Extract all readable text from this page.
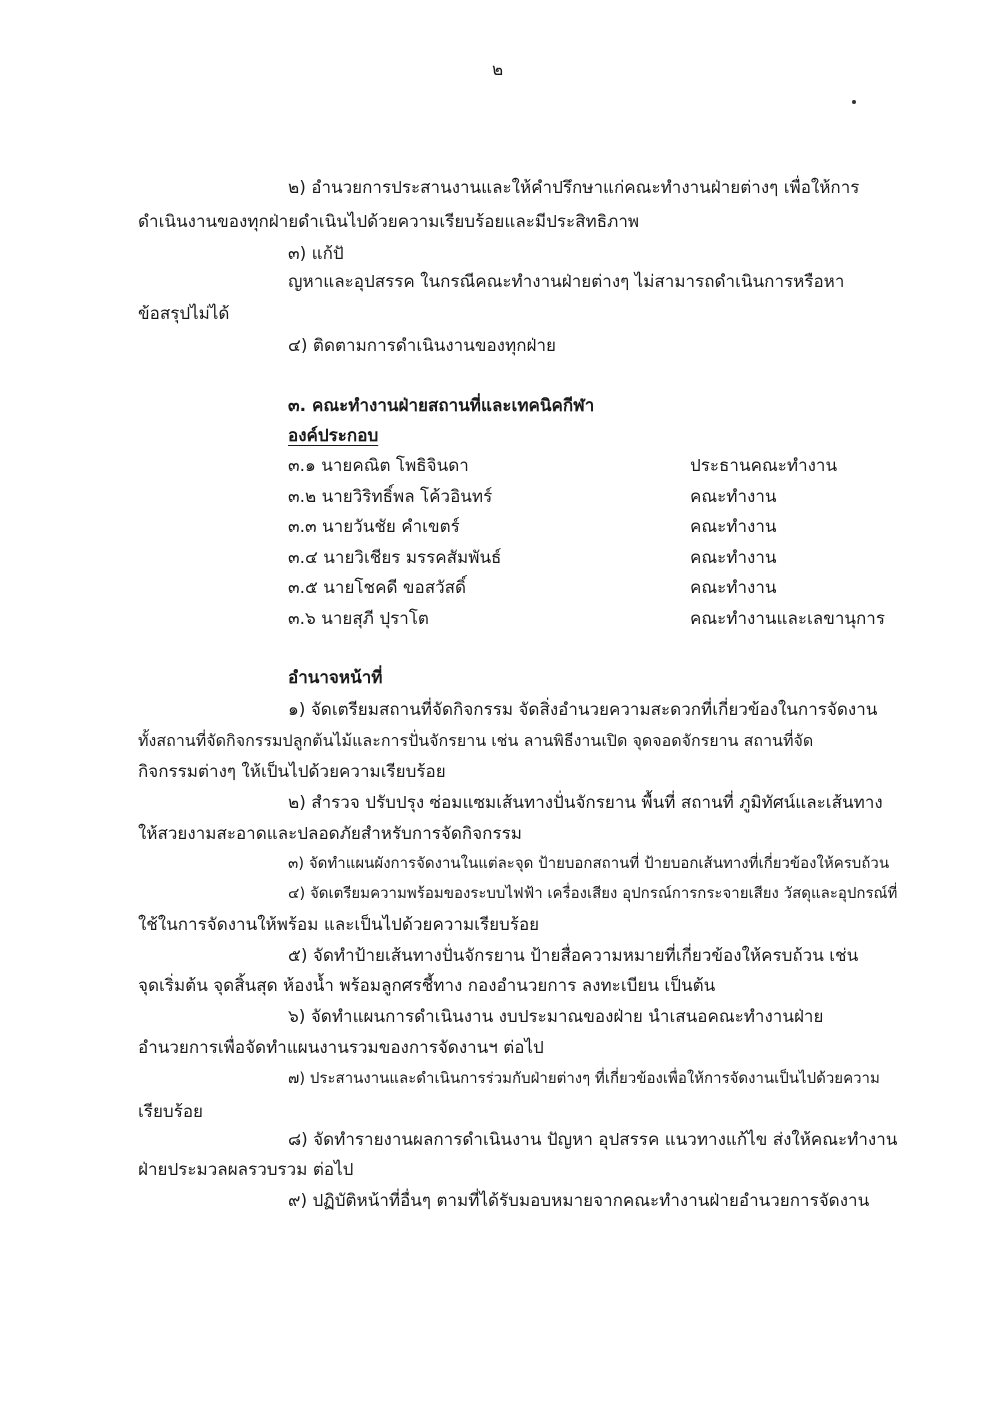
๒
๒) อำนวยการประสานงานและให้คำปรึกษาแก่คณะทำงานฝ่ายต่างๆ เพื่อให้การ
ดำเนินงานของทุกฝ่ายดำเนินไปด้วยความเรียบร้อยและมีประสิทธิภาพ
๓) แก้ปั
ญหาและอุปสรรค ในกรณีคณะทำงานฝ่ายต่างๆ ไม่สามารถดำเนินการหรือหา
ข้อสรุปไม่ได้
๔) ติดตามการดำเนินงานของทุกฝ่าย
๓. คณะทำงานฝ่ายสถานที่และเทคนิคกีฬา
องค์ประกอบ
๓.๑ นายคณิต โพธิจินดา	ประธานคณะทำงาน
๓.๒ นายวิริทธิ์พล โค้วอินทร์	คณะทำงาน
๓.๓ นายวันชัย คำเขตร์	คณะทำงาน
๓.๔ นายวิเชียร มรรคสัมพันธ์	คณะทำงาน
๓.๕ นายโชคดี ขอสวัสดิ์	คณะทำงาน
๓.๖ นายสุภี ปุราโต	คณะทำงานและเลขานุการ
อำนาจหน้าที่
๑) จัดเตรียมสถานที่จัดกิจกรรม จัดสิ่งอำนวยความสะดวกที่เกี่ยวข้องในการจัดงาน
ทั้งสถานที่จัดกิจกรรมปลูกต้นไม้และการปั่นจักรยาน เช่น ลานพิธีงานเปิด จุดจอดจักรยาน สถานที่จัด
กิจกรรมต่างๆ ให้เป็นไปด้วยความเรียบร้อย
๒) สำรวจ ปรับปรุง ซ่อมแซมเส้นทางปั่นจักรยาน พื้นที่ สถานที่ ภูมิทัศน์และเส้นทาง
ให้สวยงามสะอาดและปลอดภัยสำหรับการจัดกิจกรรม
๓) จัดทำแผนผังการจัดงานในแต่ละจุด ป้ายบอกสถานที่ ป้ายบอกเส้นทางที่เกี่ยวข้องให้ครบถ้วน
๔) จัดเตรียมความพร้อมของระบบไฟฟ้า เครื่องเสียง อุปกรณ์การกระจายเสียง วัสดุและอุปกรณ์ที่
ใช้ในการจัดงานให้พร้อม และเป็นไปด้วยความเรียบร้อย
๕) จัดทำป้ายเส้นทางปั่นจักรยาน ป้ายสื่อความหมายที่เกี่ยวข้องให้ครบถ้วน เช่น
จุดเริ่มต้น จุดสิ้นสุด ห้องน้ำ พร้อมลูกศรชี้ทาง กองอำนวยการ ลงทะเบียน เป็นต้น
๖) จัดทำแผนการดำเนินงาน งบประมาณของฝ่าย นำเสนอคณะทำงานฝ่าย
อำนวยการเพื่อจัดทำแผนงานรวมของการจัดงานฯ ต่อไป
๗) ประสานงานและดำเนินการร่วมกับฝ่ายต่างๆ ที่เกี่ยวข้องเพื่อให้การจัดงานเป็นไปด้วยความ
เรียบร้อย
๘) จัดทำรายงานผลการดำเนินงาน ปัญหา อุปสรรค แนวทางแก้ไข ส่งให้คณะทำงาน
ฝ่ายประมวลผลรวบรวม ต่อไป
๙) ปฏิบัติหน้าที่อื่นๆ ตามที่ได้รับมอบหมายจากคณะทำงานฝ่ายอำนวยการจัดงาน
